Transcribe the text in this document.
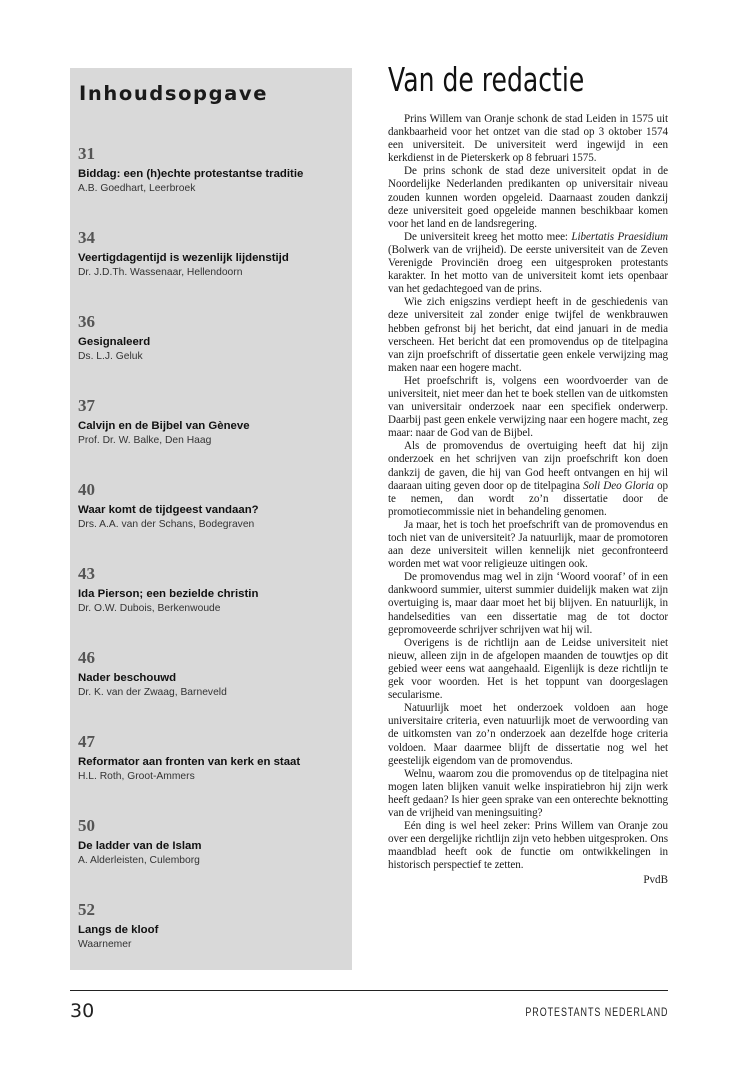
Inhoudsopgave
31
Biddag: een (h)echte protestantse traditie
A.B. Goedhart, Leerbroek
34
Veertigdagentijd is wezenlijk lijdenstijd
Dr. J.D.Th. Wassenaar, Hellendoorn
36
Gesignaleerd
Ds. L.J. Geluk
37
Calvijn en de Bijbel van Gèneve
Prof. Dr. W. Balke, Den Haag
40
Waar komt de tijdgeest vandaan?
Drs. A.A. van der Schans, Bodegraven
43
Ida Pierson; een bezielde christin
Dr. O.W. Dubois, Berkenwoude
46
Nader beschouwd
Dr. K. van der Zwaag, Barneveld
47
Reformator aan fronten van kerk en staat
H.L. Roth, Groot-Ammers
50
De ladder van de Islam
A. Alderleisten, Culemborg
52
Langs de kloof
Waarnemer
Van de redactie

Prins Willem van Oranje schonk de stad Leiden in 1575 uit dankbaarheid voor het ontzet van die stad op 3 oktober 1574 een universiteit. De universiteit werd ingewijd in een kerkdienst in de Pieterskerk op 8 februari 1575.

De prins schonk de stad deze universiteit opdat in de Noordelijke Nederlanden predikanten op universitair niveau zouden kunnen worden opgeleid. Daarnaast zouden dankzij deze universiteit goed opgeleide mannen beschikbaar komen voor het land en de landsregering.

De universiteit kreeg het motto mee: Libertatis Praesidium (Bolwerk van de vrijheid). De eerste universiteit van de Zeven Verenigde Provinciën droeg een uitgesproken protestants karakter. In het motto van de universiteit komt iets openbaar van het gedachtegoed van de prins.

Wie zich enigszins verdiept heeft in de geschiedenis van deze universiteit zal zonder enige twijfel de wenkbrauwen hebben gefronst bij het bericht, dat eind januari in de media verscheen. Het bericht dat een promovendus op de titelpagina van zijn proefschrift of dissertatie geen enkele verwijzing mag maken naar een hogere macht.

Het proefschrift is, volgens een woordvoerder van de universiteit, niet meer dan het te boek stellen van de uitkomsten van universitair onderzoek naar een specifiek onderwerp. Daarbij past geen enkele verwijzing naar een hogere macht, zeg maar: naar de God van de Bijbel.

Als de promovendus de overtuiging heeft dat hij zijn onderzoek en het schrijven van zijn proefschrift kon doen dankzij de gaven, die hij van God heeft ontvangen en hij wil daaraan uiting geven door op de titelpagina Soli Deo Gloria op te nemen, dan wordt zo’n dissertatie door de promotiecommissie niet in behandeling genomen.

Ja maar, het is toch het proefschrift van de promovendus en toch niet van de universiteit? Ja natuurlijk, maar de promotoren aan deze universiteit willen kennelijk niet geconfronteerd worden met wat voor religieuze uitingen ook.

De promovendus mag wel in zijn ‘Woord vooraf’ of in een dankwoord summier, uiterst summier duidelijk maken wat zijn overtuiging is, maar daar moet het bij blijven. En natuurlijk, in handelsedities van een dissertatie mag de tot doctor gepromoveerde schrijver schrijven wat hij wil.

Overigens is de richtlijn aan de Leidse universiteit niet nieuw, alleen zijn in de afgelopen maanden de touwtjes op dit gebied weer eens wat aangehaald. Eigenlijk is deze richtlijn te gek voor woorden. Het is het toppunt van doorgeslagen secularisme.

Natuurlijk moet het onderzoek voldoen aan hoge universitaire criteria, even natuurlijk moet de verwoording van de uitkomsten van zo’n onderzoek aan dezelfde hoge criteria voldoen. Maar daarmee blijft de dissertatie nog wel het geestelijk eigendom van de promovendus.

Welnu, waarom zou die promovendus op de titelpagina niet mogen laten blijken vanuit welke inspiratiebron hij zijn werk heeft gedaan? Is hier geen sprake van een onterechte beknotting van de vrijheid van meningsuiting?

Eén ding is wel heel zeker: Prins Willem van Oranje zou over een dergelijke richtlijn zijn veto hebben uitgesproken. Ons maandblad heeft ook de functie om ontwikkelingen in historisch perspectief te zetten.

PvdB
30	PROTESTANTS NEDERLAND
